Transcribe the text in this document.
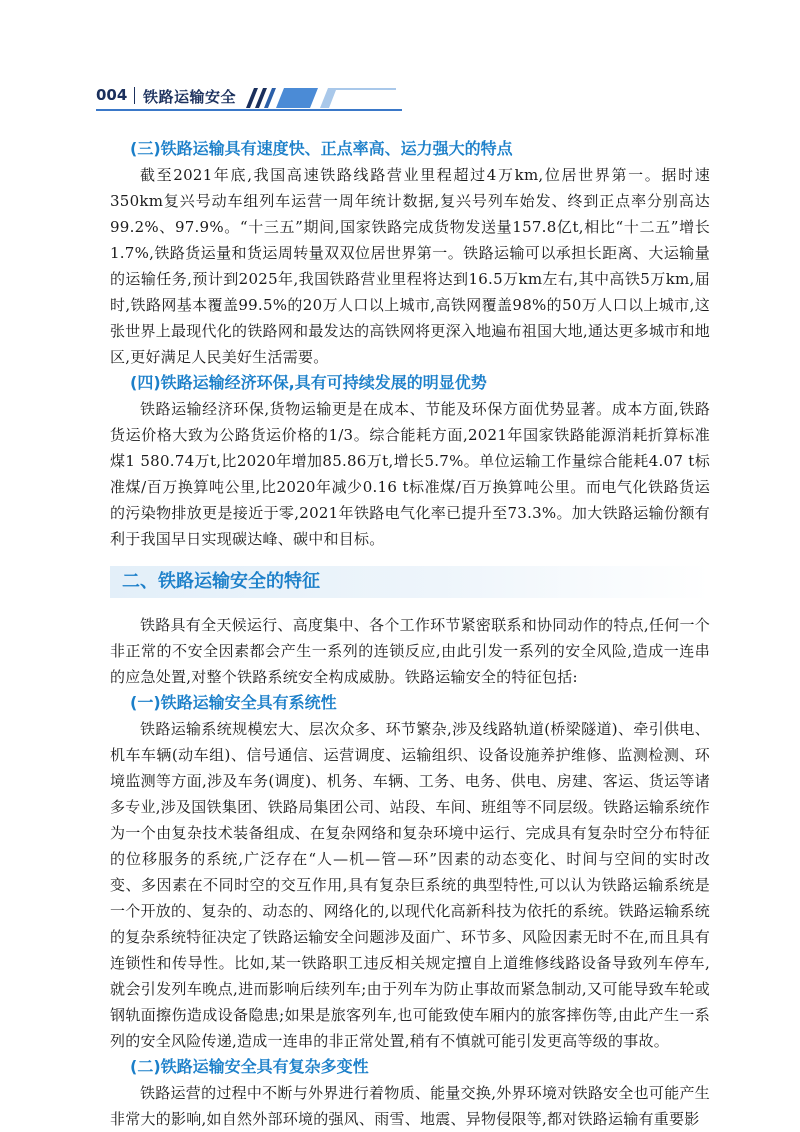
004 铁路运输安全
(三)铁路运输具有速度快、正点率高、运力强大的特点

截至2021年底,我国高速铁路线路营业里程超过4万km,位居世界第一。据时速350km复兴号动车组列车运营一周年统计数据,复兴号列车始发、终到正点率分别高达99.2%、97.9%。“十三五”期间,国家铁路完成货物发送量157.8亿t,相比“十二五”增长1.7%,铁路货运量和货运周转量双双位居世界第一。铁路运输可以承担长距离、大运输量的运输任务,预计到2025年,我国铁路营业里程将达到16.5万km左右,其中高铁5万km,届时,铁路网基本覆盖99.5%的20万人口以上城市,高铁网覆盖98%的50万人口以上城市,这张世界上最现代化的铁路网和最发达的高铁网将更深入地遍布祖国大地,通达更多城市和地区,更好满足人民美好生活需要。

(四)铁路运输经济环保,具有可持续发展的明显优势

铁路运输经济环保,货物运输更是在成本、节能及环保方面优势显著。成本方面,铁路货运价格大致为公路货运价格的1/3。综合能耗方面,2021年国家铁路能源消耗折算标准煤1 580.74万t,比2020年增加85.86万t,增长5.7%。单位运输工作量综合能耗4.07 t标准煤/百万换算吨公里,比2020年减少0.16 t标准煤/百万换算吨公里。而电气化铁路货运的污染物排放更是接近于零,2021年铁路电气化率已提升至73.3%。加大铁路运输份额有利于我国早日实现碳达峰、碳中和目标。

二、铁路运输安全的特征

铁路具有全天候运行、高度集中、各个工作环节紧密联系和协同动作的特点,任何一个非正常的不安全因素都会产生一系列的连锁反应,由此引发一系列的安全风险,造成一连串的应急处置,对整个铁路系统安全构成威胁。铁路运输安全的特征包括:

(一)铁路运输安全具有系统性

铁路运输系统规模宏大、层次众多、环节繁杂,涉及线路轨道(桥梁隧道)、牵引供电、机车车辆(动车组)、信号通信、运营调度、运输组织、设备设施养护维修、监测检测、环境监测等方面,涉及车务(调度)、机务、车辆、工务、电务、供电、房建、客运、货运等诸多专业,涉及国铁集团、铁路局集团公司、站段、车间、班组等不同层级。铁路运输系统作为一个由复杂技术装备组成、在复杂网络和复杂环境中运行、完成具有复杂时空分布特征的位移服务的系统,广泛存在“人—机—管—环”因素的动态变化、时间与空间的实时改变、多因素在不同时空的交互作用,具有复杂巨系统的典型特性,可以认为铁路运输系统是一个开放的、复杂的、动态的、网络化的,以现代化高新科技为依托的系统。铁路运输系统的复杂系统特征决定了铁路运输安全问题涉及面广、环节多、风险因素无时不在,而且具有连锁性和传导性。比如,某一铁路职工违反相关规定擅自上道维修线路设备导致列车停车,就会引发列车晚点,进而影响后续列车;由于列车为防止事故而紧急制动,又可能导致车轮或钢轨面擦伤造成设备隐患;如果是旅客列车,也可能致使车厢内的旅客摔伤等,由此产生一系列的安全风险传递,造成一连串的非正常处置,稍有不慎就可能引发更高等级的事故。

(二)铁路运输安全具有复杂多变性

铁路运营的过程中不断与外界进行着物质、能量交换,外界环境对铁路安全也可能产生非常大的影响,如自然外部环境的强风、雨雪、地震、异物侵限等,都对铁路运输有重要影
